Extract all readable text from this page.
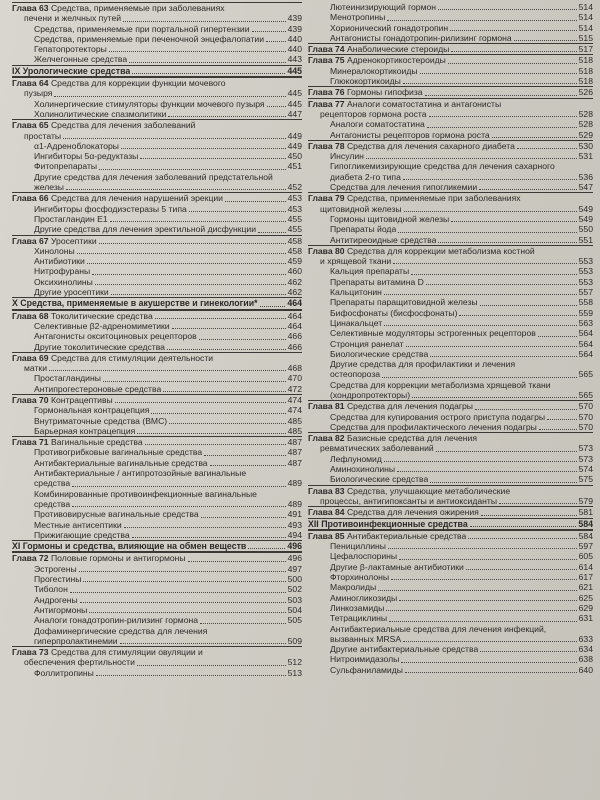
Глава 63 Средства, применяемые при заболеваниях
печени и желчных путей	439
Средства, применяемые при портальной гипертензии	439
Средства, применяемые при печеночной энцефалопатии	440
Гепатопротекторы	440
Желчегонные средства	443
IX Урологические средства	445
Глава 64 Средства для коррекции функции мочевого
пузыря	445
Холинергические стимуляторы функции мочевого пузыря	445
Холинолитические спазмолитики	447
Глава 65 Средства для лечения заболеваний
простаты	449
α1-Адреноблокаторы	449
Ингибиторы 5α-редуктазы	450
Фитопрепараты	451
Другие средства для лечения заболеваний предстательной
железы	452
Глава 66 Средства для лечения нарушений эрекции	453
Ингибиторы фосфодиэстеразы 5 типа	453
Простагландин E1	455
Другие средства для лечения эректильной дисфункции	455
Глава 67 Уросептики	458
Хинолоны	458
Антибиотики	459
Нитрофураны	460
Оксихинолины	462
Другие уросептики	462
X Средства, применяемые в акушерстве и гинекологии*	464
Глава 68 Токолитические средства	464
Селективные β2-адреномиметики	464
Антагонисты окситоциновых рецепторов	466
Другие токолитические средства	466
Глава 69 Средства для стимуляции деятельности
матки	468
Простагландины	470
Антипрогестероновые средства	472
Глава 70 Контрацептивы	474
Гормональная контрацепция	474
Внутриматочные средства (ВМС)	485
Барьерная контрацепция	485
Глава 71 Вагинальные средства	487
Противогрибковые вагинальные средства	487
Антибактериальные вагинальные средства	487
Антибактериальные / антипротозойные вагинальные
средства	489
Комбинированные противоинфекционные вагинальные
средства	489
Противовирусные вагинальные средства	491
Местные антисептики	493
Прижигающие средства	494
XI Гормоны и средства, влияющие на обмен веществ	496
Глава 72 Половые гормоны и антигормоны	496
Эстрогены	497
Прогестины	500
Тиболон	502
Андрогены	503
Антигормоны	504
Аналоги гонадотропин-рилизинг гормона	505
Дофаминергические средства для лечения
гиперпролактинемии	509
Глава 73 Средства для стимуляции овуляции и
обеспечения фертильности	512
Фоллитропины	513
Лютеинизирующий гормон	514
Менотропины	514
Хорионический гонадотропин	514
Антагонисты гонадотропин-рилизинг гормона	515
Глава 74 Анаболические стероиды	517
Глава 75 Адренокортикостероиды	518
Минералокортикоиды	518
Глюкокортикоиды	518
Глава 76 Гормоны гипофиза	526
Глава 77 Аналоги соматостатина и антагонисты
рецепторов гормона роста	528
Аналоги соматостатина	528
Антагонисты рецепторов гормона роста	529
Глава 78 Средства для лечения сахарного диабета	530
Инсулин	531
Гипогликемизирующие средства для лечения сахарного
диабета 2-го типа	536
Средства для лечения гипогликемии	547
Глава 79 Средства, применяемые при заболеваниях
щитовидной железы	549
Гормоны щитовидной железы	549
Препараты йода	550
Антитиреоидные средства	551
Глава 80 Средства для коррекции метаболизма костной
и хрящевой ткани	553
Кальция препараты	553
Препараты витамина D	553
Кальцитонин	557
Препараты паращитовидной железы	558
Бифосфонаты (бисфосфонаты)	559
Цинакальцет	563
Селективные модуляторы эстрогенных рецепторов	564
Стронция ранелат	564
Биологические средства	564
Другие средства для профилактики и лечения
остеопороза	565
Средства для коррекции метаболизма хрящевой ткани
(хондропротекторы)	565
Глава 81 Средства для лечения подагры	570
Средства для купирования острого приступа подагры	570
Средства для профилактического лечения подагры	570
Глава 82 Базисные средства для лечения
ревматических заболеваний	573
Лефлуномид	573
Аминохинолины	574
Биологические средства	575
Глава 83 Средства, улучшающие метаболические
процессы, антигипоксанты и антиоксиданты	579
Глава 84 Средства для лечения ожирения	581
XII Противоинфекционные средства	584
Глава 85 Антибактериальные средства	584
Пенициллины	597
Цефалоспорины	605
Другие β-лактамные антибиотики	614
Фторхинолоны	617
Макролиды	621
Аминогликозиды	625
Линкозамиды	629
Тетрациклины	631
Антибактериальные средства для лечения инфекций,
вызванных MRSA	633
Другие антибактериальные средства	634
Нитроимидазолы	638
Сульфаниламиды	640
